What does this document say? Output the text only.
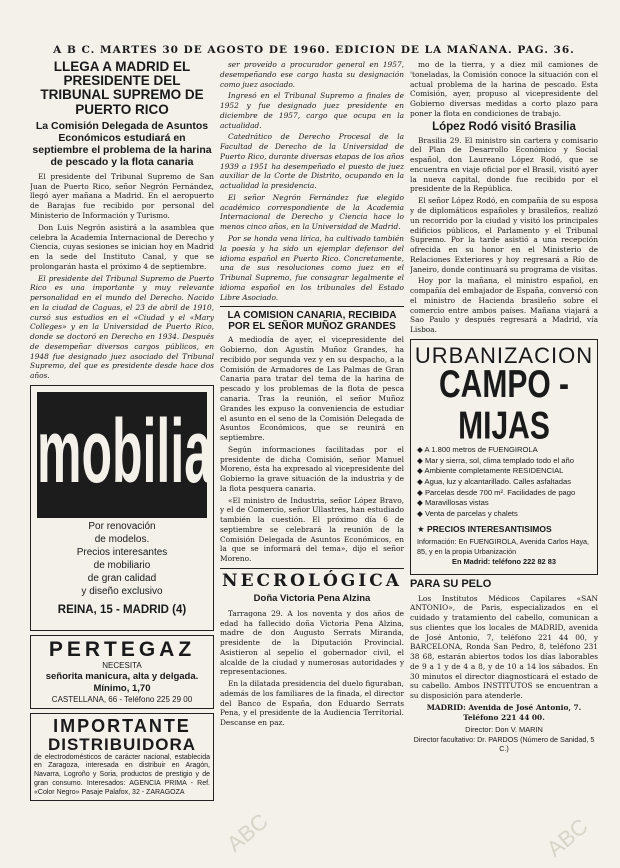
A B C. MARTES 30 DE AGOSTO DE 1960. EDICION DE LA MAÑANA. PAG. 36.
LLEGA A MADRID EL PRESIDENTE DEL TRIBUNAL SUPREMO DE PUERTO RICO
La Comisión Delegada de Asuntos Económicos estudiará en septiembre el problema de la harina de pescado y la flota canaria

El presidente del Tribunal Supremo de San Juan de Puerto Rico, señor Negrón Fernández, llegó ayer mañana a Madrid. En el aeropuerto de Barajas fue recibido por personal del Ministerio de Información y Turismo.

Don Luis Negrón asistirá a la asamblea que celebra la Academia Internacional de Derecho y Ciencia, cuyas sesiones se inician hoy en Madrid en la sede del Instituto Canal, y que se prolongarán hasta el próximo 4 de septiembre.

El presidente del Tribunal Supremo de Puerto Rico es una importante y muy relevante personalidad en el mundo del Derecho. Nacido en la ciudad de Caguas, el 23 de abril de 1910, cursó sus estudios en el «Ciudad y el «Mary Colleges» y en la Universidad de Puerto Rico, donde se doctoró en Derecho en 1934. Después de desempeñar diversos cargos públicos, en 1948 fue designado juez asociado del Tribunal Supremo, del que es presidente desde hace dos años.

mobilia
Por renovación
de modelos.
Precios interesantes
de mobiliario
de gran calidad
y diseño exclusivo
REINA, 15 - MADRID (4)
PERTEGAZ
NECESITA
señorita manicura, alta y delgada. Mínimo, 1,70
CASTELLANA, 66 - Teléfono 225 29 00
IMPORTANTE
DISTRIBUIDORA
de electrodomésticos de carácter nacional, establecida en Zaragoza, interesada en distribuir en Aragón, Navarra, Logroño y Soria, productos de prestigio y de gran consumo. Interesados: AGENCIA PRIMA - Ref. «Color Negro» Pasaje Palafox, 32 - ZARAGOZA

ser proveído a procurador general en 1957, desempeñando ese cargo hasta su designación como juez asociado.

Ingresó en el Tribunal Supremo a finales de 1952 y fue designado juez presidente en diciembre de 1957, cargo que ocupa en la actualidad.

Catedrático de Derecho Procesal de la Facultad de Derecho de la Universidad de Puerto Rico, durante diversas etapas de los años 1939 a 1951 ha desempeñado el puesto de juez auxiliar de la Corte de Distrito, ocupando en la actualidad la presidencia.

El señor Negrón Fernández fue elegido académico correspondiente de la Academia Internacional de Derecho y Ciencia hace lo menos cinco años, en la Universidad de Madrid.

Por se honda vena lírica, ha cultivado también la poesía y ha sido un ejemplar defensor del idioma español en Puerto Rico. Concretamente, una de sus resoluciones como juez en el Tribunal Supremo, fue consagrar legalmente el idioma español en los tribunales del Estado Libre Asociado.

LA COMISION CANARIA, RECIBIDA POR EL SEÑOR MUÑOZ GRANDES

A mediodía de ayer, el vicepresidente del Gobierno, don Agustín Muñoz Grandes, ha recibido por segunda vez y en su despacho, a la Comisión de Armadores de Las Palmas de Gran Canaria para tratar del tema de la harina de pescado y los problemas de la flota de pesca canaria. Tras la reunión, el señor Muñoz Grandes les expuso la conveniencia de estudiar el asunto en el seno de la Comisión Delegada de Asuntos Económicos, que se reunirá en septiembre.

Según informaciones facilitadas por el presidente de dicha Comisión, señor Manuel Moreno, ésta ha expresado al vicepresidente del Gobierno la grave situación de la industria y de la flota pesquera canaria.

«El ministro de Industria, señor López Bravo, y el de Comercio, señor Ullastres, han estudiado también la cuestión. El próximo día 6 de septiembre se celebrará la reunión de la Comisión Delegada de Asuntos Económicos, en la que se informará del tema», dijo el señor Moreno.

NECROLÓGICA
Doña Victoria Pena Alzina

Tarragona 29. A los noventa y dos años de edad ha fallecido doña Victoria Pena Alzina, madre de don Augusto Serrats Miranda, presidente de la Diputación Provincial. Asistieron al sepelio el gobernador civil, el alcalde de la ciudad y numerosas autoridades y representaciones.

En la dilatada presidencia del duelo figuraban, además de los familiares de la finada, el director del Banco de España, don Eduardo Serrats Pena, y el presidente de la Audiencia Territorial. Descanse en paz.

mo de la tierra, y a diez mil camiones de 'toneladas, la Comisión conoce la situación con el actual problema de la harina de pescado. Esta Comisión, ayer, propuso al vicepresidente del Gobierno diversas medidas a corto plazo para poner la flota en condiciones de trabajo.

López Rodó visitó Brasilia

Brasilia 29. El ministro sin cartera y comisario del Plan de Desarrollo Económico y Social español, don Laureano López Rodó, que se encuentra en viaje oficial por el Brasil, visitó ayer la nueva capital, donde fue recibido por el presidente de la República.

El señor López Rodó, en compañía de su esposa y de diplomáticos españoles y brasileños, realizó un recorrido por la ciudad y visitó los principales edificios públicos, el Parlamento y el Tribunal Supremo. Por la tarde asistió a una recepción ofrecida en su honor en el Ministerio de Relaciones Exteriores y hoy regresará a Río de Janeiro, donde continuará su programa de visitas.

Hoy por la mañana, el ministro español, en compañía del embajador de España, conversó con el ministro de Hacienda brasileño sobre el comercio entre ambos países. Mañana viajará a Sao Paulo y después regresará a Madrid, vía Lisboa.

URBANIZACION
CAMPO - MIJAS
◆ A 1.800 metros de FUENGIROLA
◆ Mar y sierra, sol, clima templado todo el año
◆ Ambiente completamente RESIDENCIAL
◆ Agua, luz y alcantarillado. Calles asfaltadas
◆ Parcelas desde 700 m². Facilidades de pago
◆ Maravillosas vistas
◆ Venta de parcelas y chalets
★ PRECIOS INTERESANTISIMOS
Información: En FUENGIROLA, Avenida Carlos Haya, 85, y en la propia Urbanización
En Madrid: teléfono 222 82 83
PARA SU PELO

Los Institutos Médicos Capilares «SAN ANTONIO», de Paris, especializados en el cuidado y tratamiento del cabello, comunican a sus clientes que los locales de MADRID, avenida de José Antonio, 7, teléfono 221 44 00, y BARCELONA, Ronda San Pedro, 8, teléfono 231 38 68, estarán abiertos todos los días laborables de 9 a 1 y de 4 a 8, y de 10 a 14 los sábados. En 30 minutos el director diagnosticará el estado de su cabello. Ambos INSTITUTOS se encuentran a su disposición para atenderle.

MADRID: Avenida de José Antonio, 7. Teléfono 221 44 00.

Director: Don V. MARIN
Director facultativo: Dr. PARDOS (Número de Sanidad, 5 C.)
ABC	ABC
